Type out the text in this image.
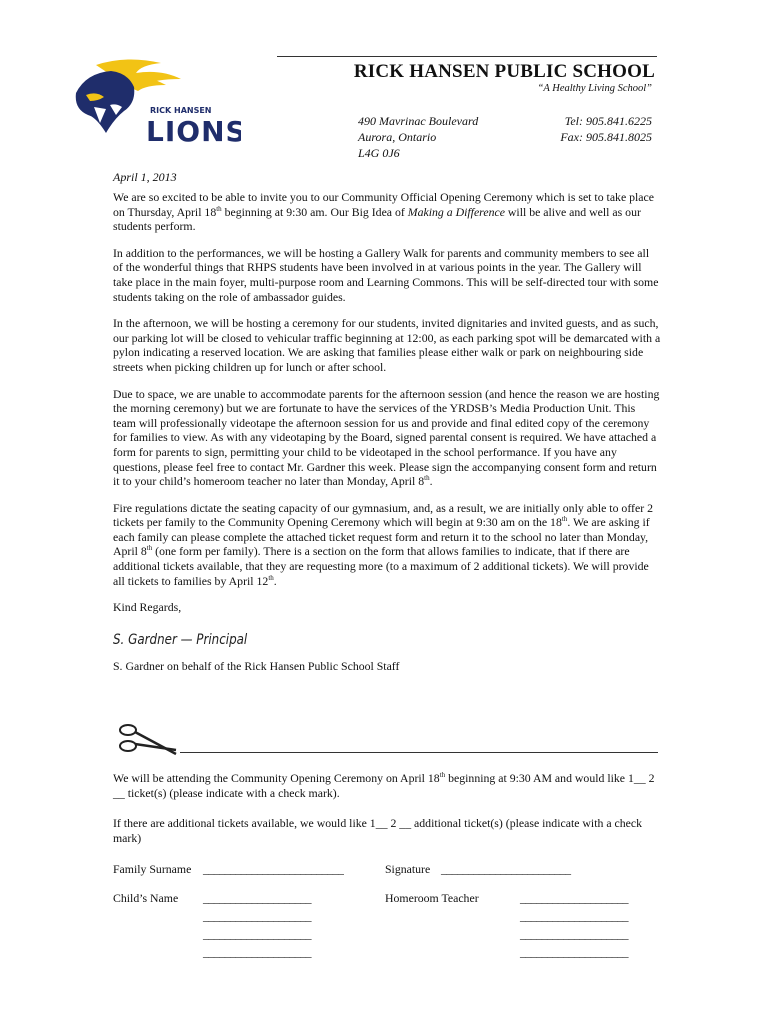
RICK HANSEN
LIONS
RICK HANSEN PUBLIC SCHOOL
“A Healthy Living School”
490 Mavrinac Boulevard
Aurora, Ontario
L4G 0J6
Tel: 905.841.6225
Fax: 905.841.8025
April 1, 2013

We are so excited to be able to invite you to our Community Official Opening Ceremony which is set to take place on Thursday, April 18th beginning at 9:30 am. Our Big Idea of Making a Difference will be alive and well as our students perform.

In addition to the performances, we will be hosting a Gallery Walk for parents and community members to see all of the wonderful things that RHPS students have been involved in at various points in the year. The Gallery will take place in the main foyer, multi-purpose room and Learning Commons. This will be self-directed tour with some students taking on the role of ambassador guides.

In the afternoon, we will be hosting a ceremony for our students, invited dignitaries and invited guests, and as such, our parking lot will be closed to vehicular traffic beginning at 12:00, as each parking spot will be demarcated with a pylon indicating a reserved location. We are asking that families please either walk or park on neighbouring side streets when picking children up for lunch or after school.

Due to space, we are unable to accommodate parents for the afternoon session (and hence the reason we are hosting the morning ceremony) but we are fortunate to have the services of the YRDSB’s Media Production Unit. This team will professionally videotape the afternoon session for us and provide and final edited copy of the ceremony for families to view. As with any videotaping by the Board, signed parental consent is required. We have attached a form for parents to sign, permitting your child to be videotaped in the school performance. If you have any questions, please feel free to contact Mr. Gardner this week. Please sign the accompanying consent form and return it to your child’s homeroom teacher no later than Monday, April 8th.

Fire regulations dictate the seating capacity of our gymnasium, and, as a result, we are initially only able to offer 2 tickets per family to the Community Opening Ceremony which will begin at 9:30 am on the 18th. We are asking if each family can please complete the attached ticket request form and return it to the school no later than Monday, April 8th (one form per family). There is a section on the form that allows families to indicate, that if there are additional tickets available, that they are requesting more (to a maximum of 2 additional tickets). We will provide all tickets to families by April 12th.

Kind Regards,

S. Gardner — Principal

S. Gardner on behalf of the Rick Hansen Public School Staff

We will be attending the Community Opening Ceremony on April 18th beginning at 9:30 AM and would like 1__ 2 __ ticket(s) (please indicate with a check mark).

If there are additional tickets available, we would like 1__ 2 __ additional ticket(s) (please indicate with a check mark)

Family Surname __________________________	Signature ________________________
Child’s Name ____________________
____________________
____________________
____________________
Homeroom Teacher	____________________
____________________
____________________
____________________
